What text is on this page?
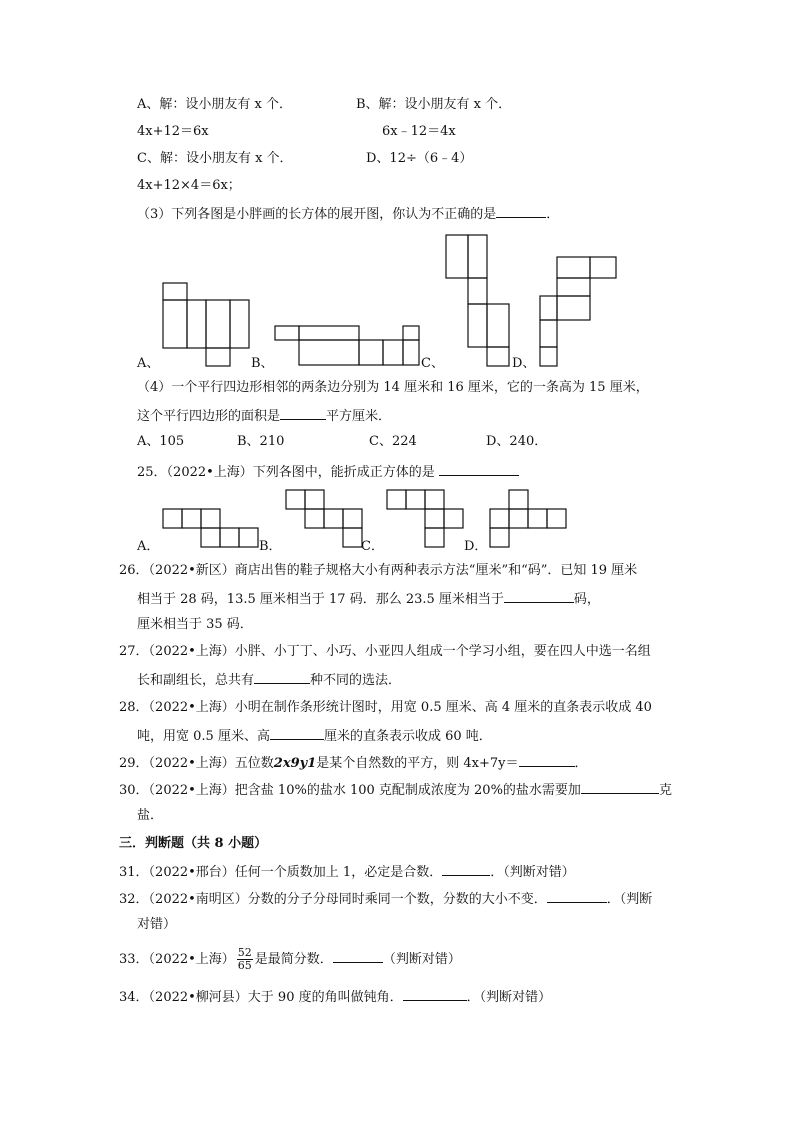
A、解：设小朋友有 x 个．	B、解：设小朋友有 x 个．
4x+12＝6x	6x﹣12＝4x
C、解：设小朋友有 x 个．	D、12÷（6﹣4）
4x+12×4＝6x；
（3）下列各图是小胖画的长方体的展开图，你认为不正确的是	．
A、	B、	C、	D、
（4）一个平行四边形相邻的两条边分别为 14 厘米和 16 厘米，它的一条高为 15 厘米，
这个平行四边形的面积是	平方厘米．
A、105	B、210	C、224	D、240．
25．（2022•上海）下列各图中，能折成正方体的是
A．	B．	C．	D．
26．（2022•新区）商店出售的鞋子规格大小有两种表示方法“厘米”和“码”．已知 19 厘米
相当于 28 码，13.5 厘米相当于 17 码．那么 23.5 厘米相当于	码，
厘米相当于 35 码．
27．（2022•上海）小胖、小丁丁、小巧、小亚四人组成一个学习小组，要在四人中选一名组
长和副组长，总共有	种不同的选法．
28．（2022•上海）小明在制作条形统计图时，用宽 0.5 厘米、高 4 厘米的直条表示收成 40
吨，用宽 0.5 厘米、高	厘米的直条表示收成 60 吨．
29．（2022•上海）五位数2x9y1是某个自然数的平方，则 4x+7y＝	．
30．（2022•上海）把含盐 10%的盐水 100 克配制成浓度为 20%的盐水需要加	克
盐．
三．判断题（共 8 小题）
31．（2022•邢台）任何一个质数加上 1，必定是合数．	．（判断对错）
32．（2022•南明区）分数的分子分母同时乘同一个数，分数的大小不变．	．（判断
对错）
33．（2022•上海） $\frac{52}{65}$ 是最简分数．	（判断对错）
34．（2022•柳河县）大于 90 度的角叫做钝角．	．（判断对错）
